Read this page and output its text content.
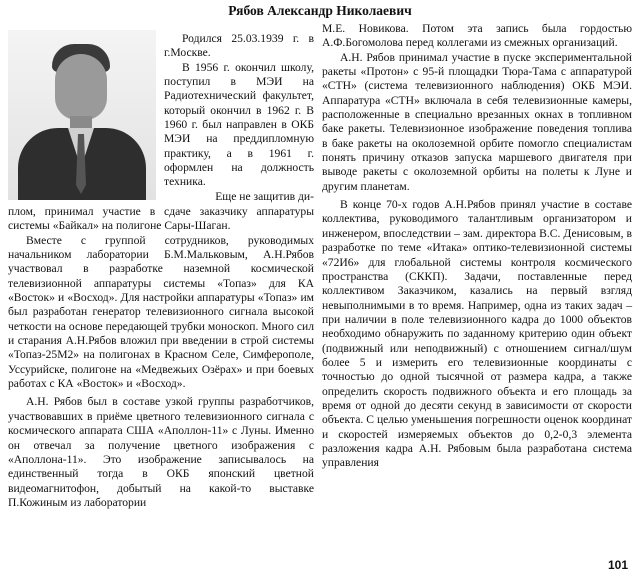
Рябов Александр Николаевич

Родился 25.03.1939 г. в г.Москве.

В 1956 г. окончил школу, поступил в МЭИ на Радиотехнический факультет, который окончил в 1962 г. В 1960 г. был направлен в ОКБ МЭИ на преддипломную практику, а в 1961 г. оформлен на должность техника.

Еще не защитив ди-

плом, принимал участие в сдаче заказчику аппаратуры системы «Байкал» на полигоне Сары-Шаган.

Вместе с группой сотрудников, руководимых начальником лаборатории Б.М.Мальковым, А.Н.Рябов участвовал в разработке наземной космической телевизионной аппаратуры системы «Топаз» для КА «Восток» и «Восход». Для настройки аппаратуры «Топаз» им был разработан генератор телевизионного сигнала высокой четкости на основе передающей трубки моноскоп. Много сил и старания А.Н.Рябов вложил при введении в строй системы «Топаз-25М2» на полигонах в Красном Селе, Симферополе, Уссурийске, полигоне на «Медвежьих Озёрах» и при боевых работах с КА «Восток» и «Восход».

А.Н. Рябов был в составе узкой группы разработчиков, участвовавших в приёме цветного телевизионного сигнала с космического аппарата США «Аполлон-11» с Луны. Именно он отвечал за получение цветного изображения с «Аполлона-11». Это изображение записывалось на единственный тогда в ОКБ японский цветной видеомагнитофон, добытый на какой-то выставке П.Кожиным из лаборатории

М.Е. Новикова. Потом эта запись была гордостью А.Ф.Богомолова перед коллегами из смежных организаций.

А.Н. Рябов принимал участие в пуске экспериментальной ракеты «Протон» с 95-й площадки Тюра-Тама с аппаратурой «СТН» (система телевизионного наблюдения) ОКБ МЭИ. Аппаратура «СТН» включала в себя телевизионные камеры, расположенные в специально врезанных окнах в топливном баке ракеты. Телевизионное изображение поведения топлива в баке ракеты на околоземной орбите помогло специалистам понять причину отказов запуска маршевого двигателя при выводе ракеты с околоземной орбиты на полеты к Луне и другим планетам.

В конце 70-х годов А.Н.Рябов принял участие в составе коллектива, руководимого талантливым организатором и инженером, впоследствии – зам. директора В.С. Денисовым, в разработке по теме «Итака» оптико-телевизионной системы «72И6» для глобальной системы контроля космического пространства (СККП). Задачи, поставленные перед коллективом Заказчиком, казались на первый взгляд невыполнимыми в то время. Например, одна из таких задач – при наличии в поле телевизионного кадра до 1000 объектов необходимо обнаружить по заданному критерию один объект (подвижный или неподвижный) с отношением сигнал/шум более 5 и измерить его телевизионные координаты с точностью до одной тысячной от размера кадра, а также определить скорость подвижного объекта и его площадь за время от одной до десяти секунд в зависимости от скорости объекта. С целью уменьшения погрешности оценок координат и скоростей измеряемых объектов до 0,2-0,3 элемента разложения кадра А.Н. Рябовым была разработана система управления

101
